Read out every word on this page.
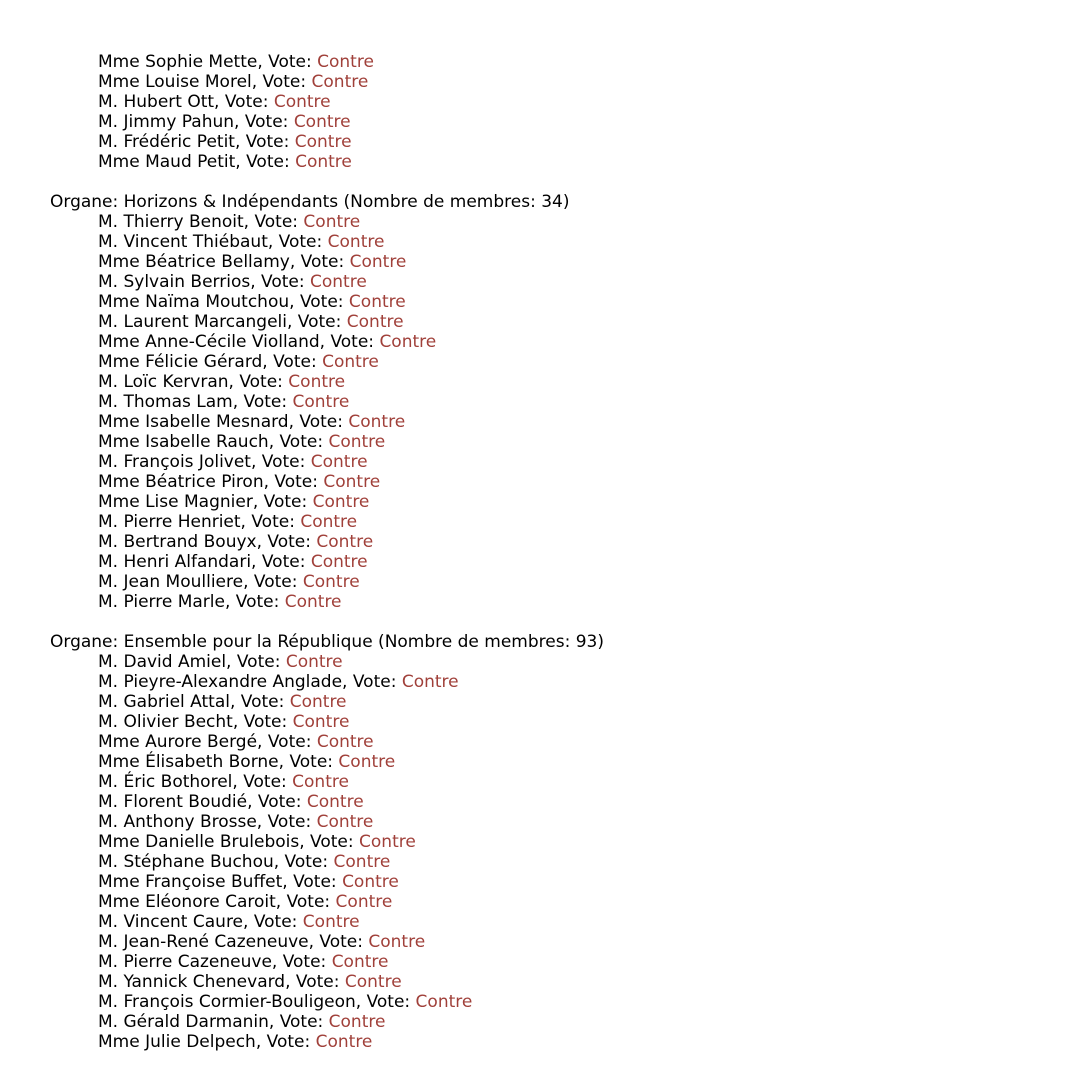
Mme Sophie Mette, Vote: Contre
Mme Louise Morel, Vote: Contre
M. Hubert Ott, Vote: Contre
M. Jimmy Pahun, Vote: Contre
M. Frédéric Petit, Vote: Contre
Mme Maud Petit, Vote: Contre
Organe: Horizons & Indépendants (Nombre de membres: 34)
M. Thierry Benoit, Vote: Contre
M. Vincent Thiébaut, Vote: Contre
Mme Béatrice Bellamy, Vote: Contre
M. Sylvain Berrios, Vote: Contre
Mme Naïma Moutchou, Vote: Contre
M. Laurent Marcangeli, Vote: Contre
Mme Anne-Cécile Violland, Vote: Contre
Mme Félicie Gérard, Vote: Contre
M. Loïc Kervran, Vote: Contre
M. Thomas Lam, Vote: Contre
Mme Isabelle Mesnard, Vote: Contre
Mme Isabelle Rauch, Vote: Contre
M. François Jolivet, Vote: Contre
Mme Béatrice Piron, Vote: Contre
Mme Lise Magnier, Vote: Contre
M. Pierre Henriet, Vote: Contre
M. Bertrand Bouyx, Vote: Contre
M. Henri Alfandari, Vote: Contre
M. Jean Moulliere, Vote: Contre
M. Pierre Marle, Vote: Contre
Organe: Ensemble pour la République (Nombre de membres: 93)
M. David Amiel, Vote: Contre
M. Pieyre-Alexandre Anglade, Vote: Contre
M. Gabriel Attal, Vote: Contre
M. Olivier Becht, Vote: Contre
Mme Aurore Bergé, Vote: Contre
Mme Élisabeth Borne, Vote: Contre
M. Éric Bothorel, Vote: Contre
M. Florent Boudié, Vote: Contre
M. Anthony Brosse, Vote: Contre
Mme Danielle Brulebois, Vote: Contre
M. Stéphane Buchou, Vote: Contre
Mme Françoise Buffet, Vote: Contre
Mme Eléonore Caroit, Vote: Contre
M. Vincent Caure, Vote: Contre
M. Jean-René Cazeneuve, Vote: Contre
M. Pierre Cazeneuve, Vote: Contre
M. Yannick Chenevard, Vote: Contre
M. François Cormier-Bouligeon, Vote: Contre
M. Gérald Darmanin, Vote: Contre
Mme Julie Delpech, Vote: Contre
